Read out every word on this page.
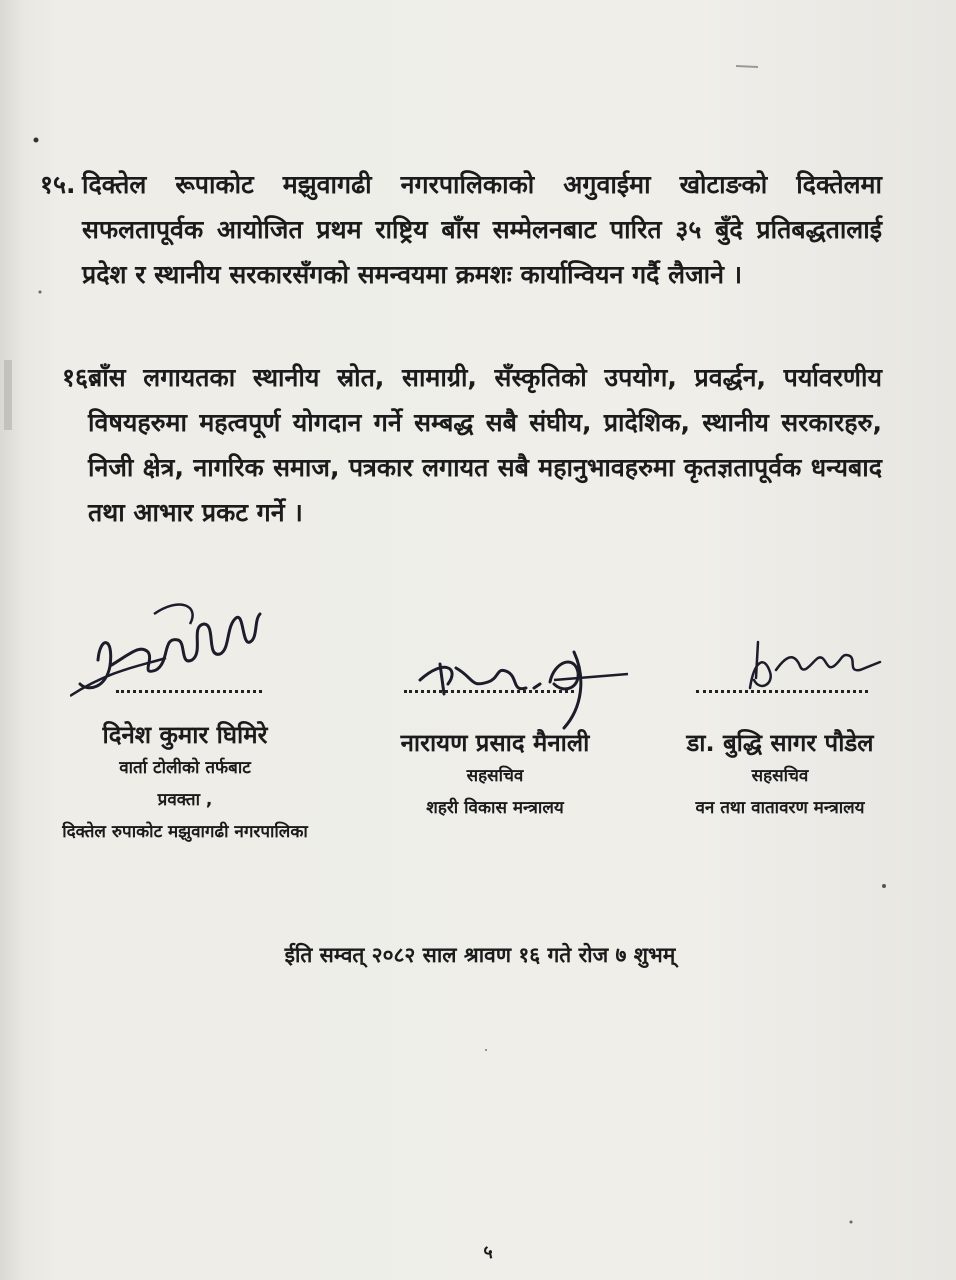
१५. दिक्तेल रूपाकोट मझुवागढी नगरपालिकाको अगुवाईमा खोटाङको दिक्तेलमा सफलतापूर्वक आयोजित प्रथम राष्ट्रिय बाँस सम्मेलनबाट पारित ३५ बुँदे प्रतिबद्धतालाई प्रदेश र स्थानीय सरकारसँगको समन्वयमा क्रमशः कार्यान्वियन गर्दै लैजाने ।
१६.
बाँस लगायतका स्थानीय स्रोत, सामाग्री, सँस्कृतिको उपयोग, प्रवर्द्धन, पर्यावरणीय विषयहरुमा महत्वपूर्ण योगदान गर्ने सम्बद्ध सबै संघीय, प्रादेशिक, स्थानीय सरकारहरु, निजी क्षेत्र, नागरिक समाज, पत्रकार लगायत सबै महानुभावहरुमा कृतज्ञतापूर्वक धन्यबाद तथा आभार प्रकट गर्ने ।
दिनेश कुमार घिमिरे
वार्ता टोलीको तर्फबाट
प्रवक्ता ,
दिक्तेल रुपाकोट मझुवागढी नगरपालिका
नारायण प्रसाद मैनाली
सहसचिव
शहरी विकास मन्त्रालय
डा. बुद्धि सागर पौडेल
सहसचिव
वन तथा वातावरण मन्त्रालय
ईति सम्वत् २०८२ साल श्रावण १६ गते रोज ७ शुभम्
५
